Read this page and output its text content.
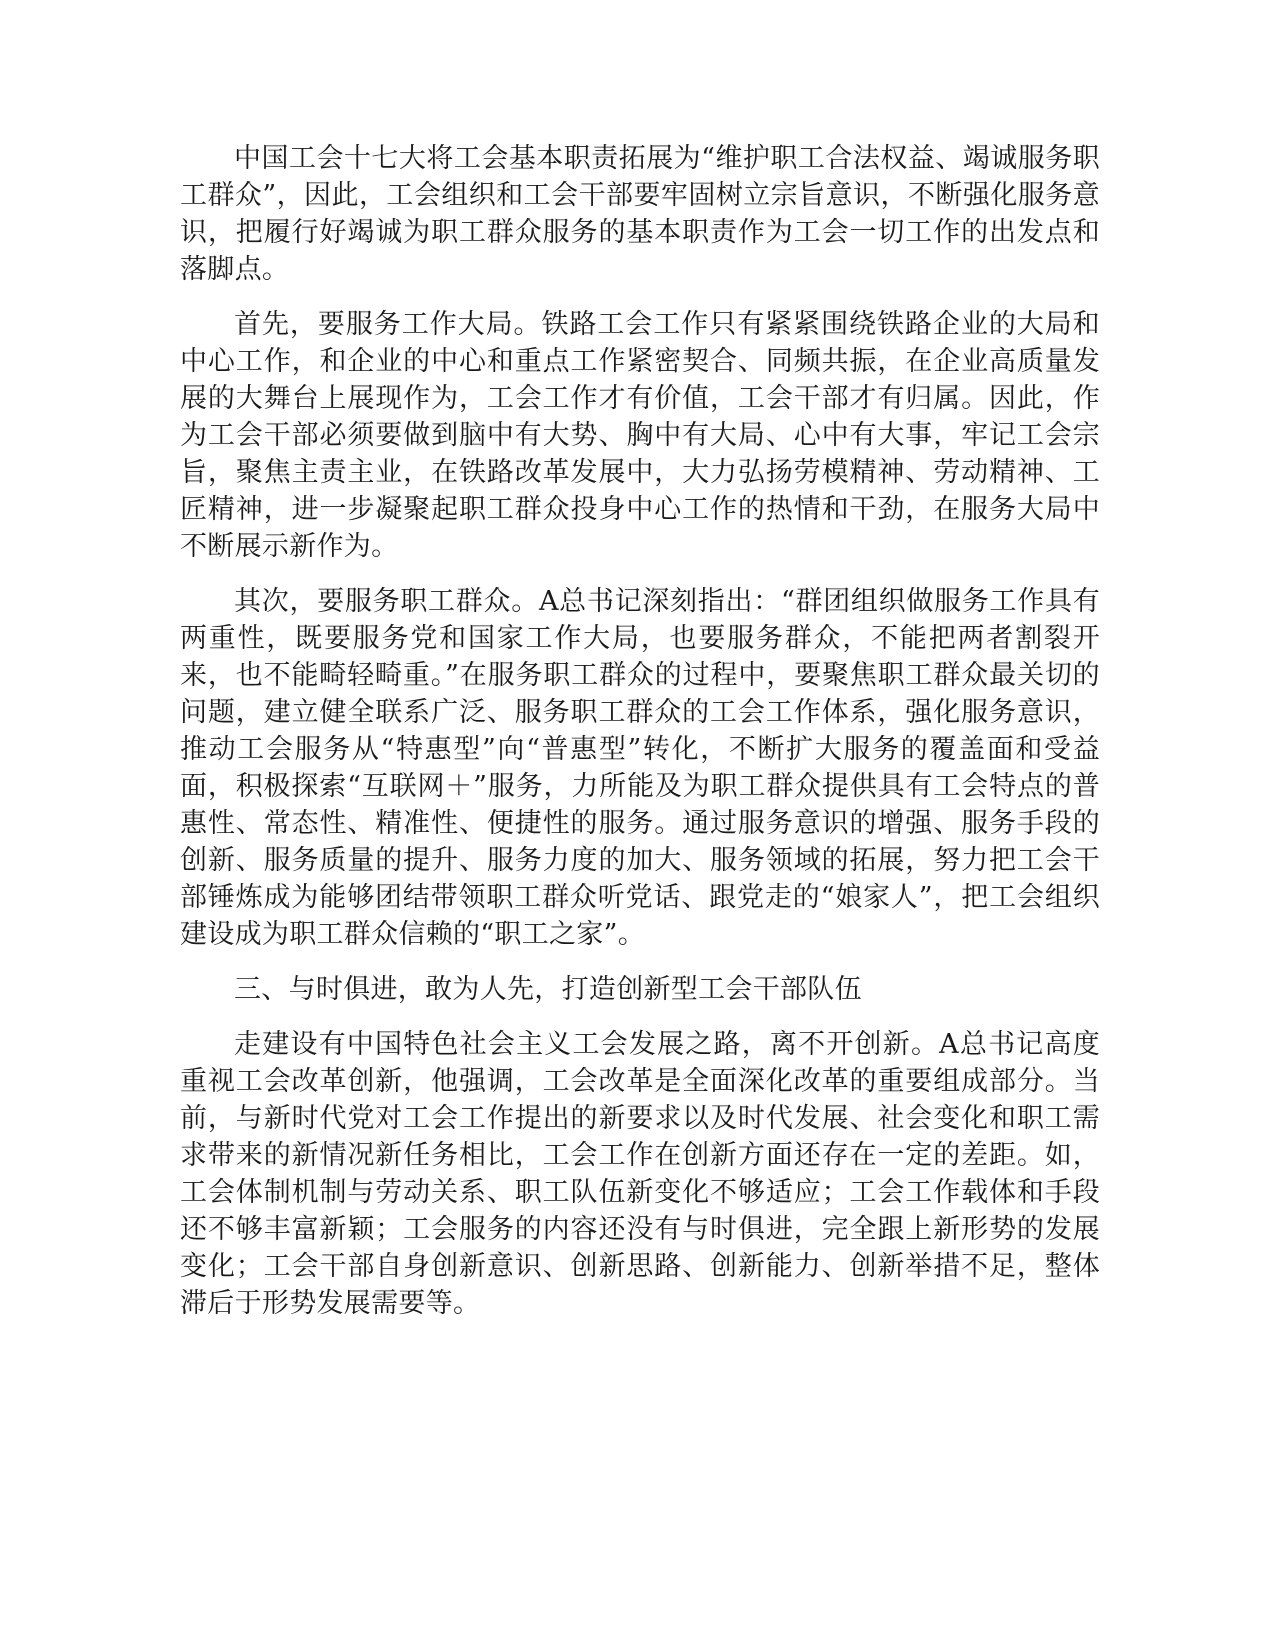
中国工会十七大将工会基本职责拓展为“维护职工合法权益、竭诚服务职工群众”，因此，工会组织和工会干部要牢固树立宗旨意识，不断强化服务意识，把履行好竭诚为职工群众服务的基本职责作为工会一切工作的出发点和落脚点。

首先，要服务工作大局。铁路工会工作只有紧紧围绕铁路企业的大局和中心工作，和企业的中心和重点工作紧密契合、同频共振，在企业高质量发展的大舞台上展现作为，工会工作才有价值，工会干部才有归属。因此，作为工会干部必须要做到脑中有大势、胸中有大局、心中有大事，牢记工会宗旨，聚焦主责主业，在铁路改革发展中，大力弘扬劳模精神、劳动精神、工匠精神，进一步凝聚起职工群众投身中心工作的热情和干劲，在服务大局中不断展示新作为。

其次，要服务职工群众。A总书记深刻指出：“群团组织做服务工作具有两重性，既要服务党和国家工作大局，也要服务群众，不能把两者割裂开来，也不能畸轻畸重。”在服务职工群众的过程中，要聚焦职工群众最关切的问题，建立健全联系广泛、服务职工群众的工会工作体系，强化服务意识，推动工会服务从“特惠型”向“普惠型”转化，不断扩大服务的覆盖面和受益面，积极探索“互联网＋”服务，力所能及为职工群众提供具有工会特点的普惠性、常态性、精准性、便捷性的服务。通过服务意识的增强、服务手段的创新、服务质量的提升、服务力度的加大、服务领域的拓展，努力把工会干部锤炼成为能够团结带领职工群众听党话、跟党走的“娘家人”，把工会组织建设成为职工群众信赖的“职工之家”。

三、与时俱进，敢为人先，打造创新型工会干部队伍

走建设有中国特色社会主义工会发展之路，离不开创新。A总书记高度重视工会改革创新，他强调，工会改革是全面深化改革的重要组成部分。当前，与新时代党对工会工作提出的新要求以及时代发展、社会变化和职工需求带来的新情况新任务相比，工会工作在创新方面还存在一定的差距。如，工会体制机制与劳动关系、职工队伍新变化不够适应；工会工作载体和手段还不够丰富新颖；工会服务的内容还没有与时俱进，完全跟上新形势的发展变化；工会干部自身创新意识、创新思路、创新能力、创新举措不足，整体滞后于形势发展需要等。
